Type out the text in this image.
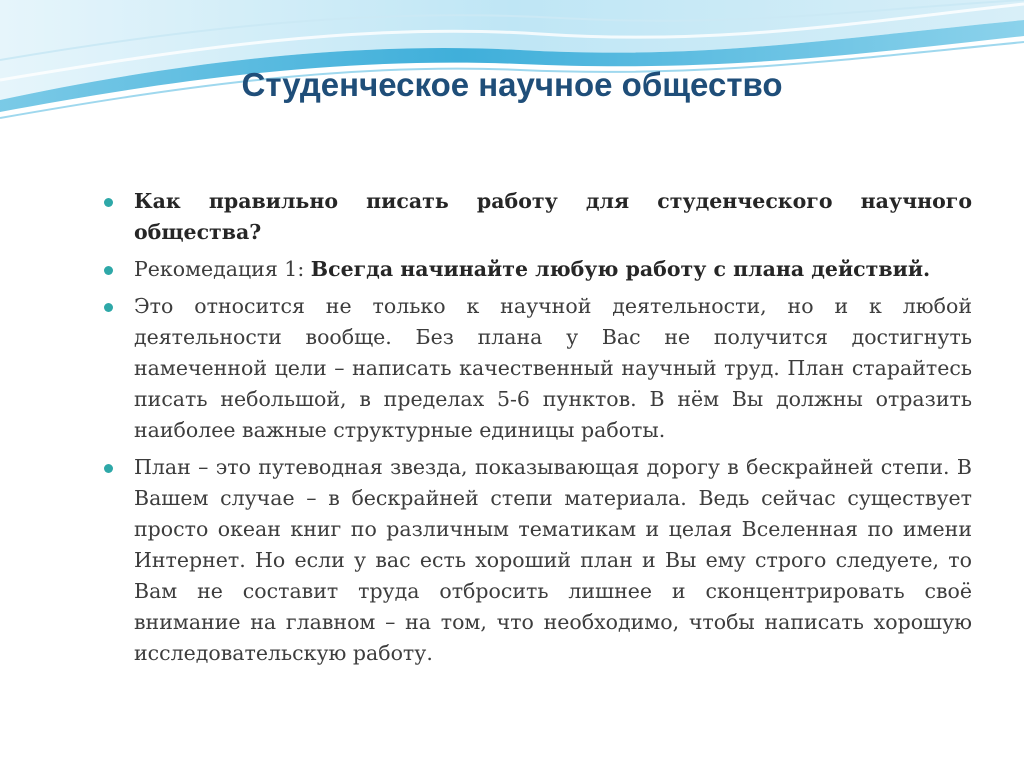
Студенческое научное общество
Как правильно писать работу для студенческого научного общества?
Рекомедация 1: Всегда начинайте любую работу с плана действий.
Это относится не только к научной деятельности, но и к любой деятельности вообще. Без плана у Вас не получится достигнуть намеченной цели – написать качественный научный труд. План старайтесь писать небольшой, в пределах 5-6 пунктов. В нём Вы должны отразить наиболее важные структурные единицы работы.
План – это путеводная звезда, показывающая дорогу в бескрайней степи. В Вашем случае – в бескрайней степи материала. Ведь сейчас существует просто океан книг по различным тематикам и целая Вселенная по имени Интернет. Но если у вас есть хороший план и Вы ему строго следуете, то Вам не составит труда отбросить лишнее и сконцентрировать своё внимание на главном – на том, что необходимо, чтобы написать хорошую исследовательскую работу.
